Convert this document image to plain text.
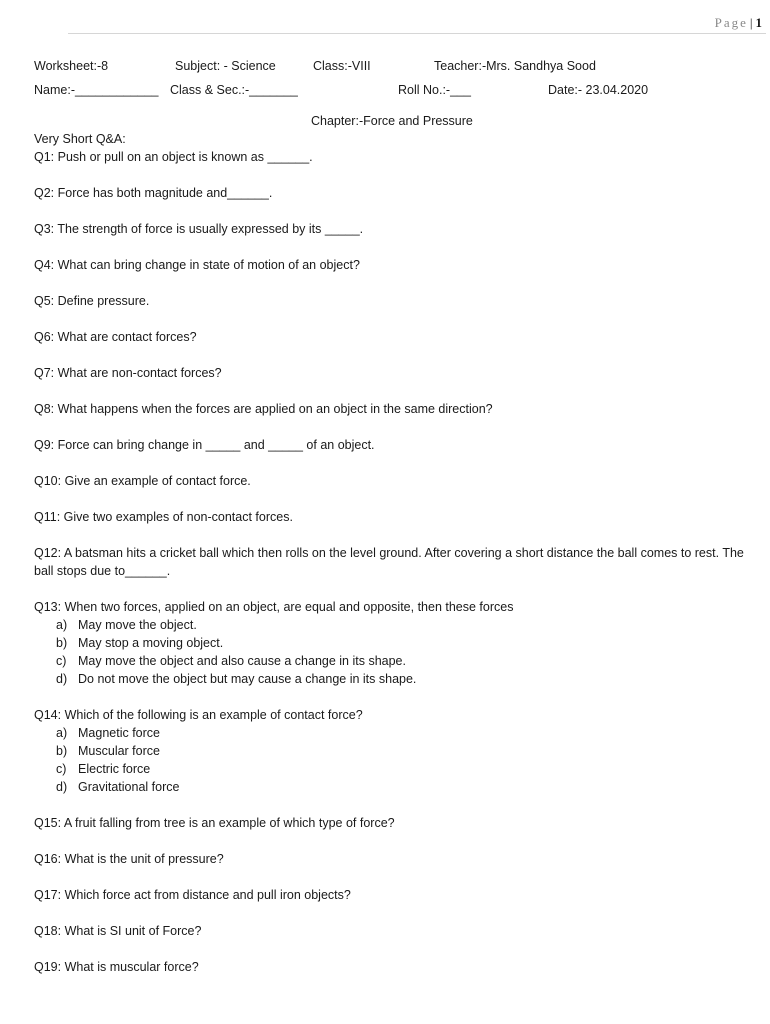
Page | 1
Worksheet:-8	Subject: - Science	Class:-VIII	Teacher:-Mrs. Sandhya Sood
Name:-____________ Class & Sec.:-_______	Roll No.:-___	Date:- 23.04.2020
Chapter:-Force and Pressure
Very Short Q&A:
Q1: Push or pull on an object is known as ______.
Q2: Force has both magnitude and______.
Q3: The strength of force is usually expressed by its _____.
Q4: What can bring change in state of motion of an object?
Q5: Define pressure.
Q6: What are contact forces?
Q7: What are non-contact forces?
Q8: What happens when the forces are applied on an object in the same direction?
Q9: Force can bring change in _____ and _____ of an object.
Q10: Give an example of contact force.
Q11: Give two examples of non-contact forces.
Q12: A batsman hits a cricket ball which then rolls on the level ground. After covering a short distance the ball comes to rest. The ball stops due to______.
Q13: When two forces, applied on an object, are equal and opposite, then these forces
a) May move the object.
b) May stop a moving object.
c) May move the object and also cause a change in its shape.
d) Do not move the object but may cause a change in its shape.
Q14: Which of the following is an example of contact force?
a) Magnetic force
b) Muscular force
c) Electric force
d) Gravitational force
Q15: A fruit falling from tree is an example of which type of force?
Q16: What is the unit of pressure?
Q17: Which force act from distance and pull iron objects?
Q18: What is SI unit of Force?
Q19: What is muscular force?
